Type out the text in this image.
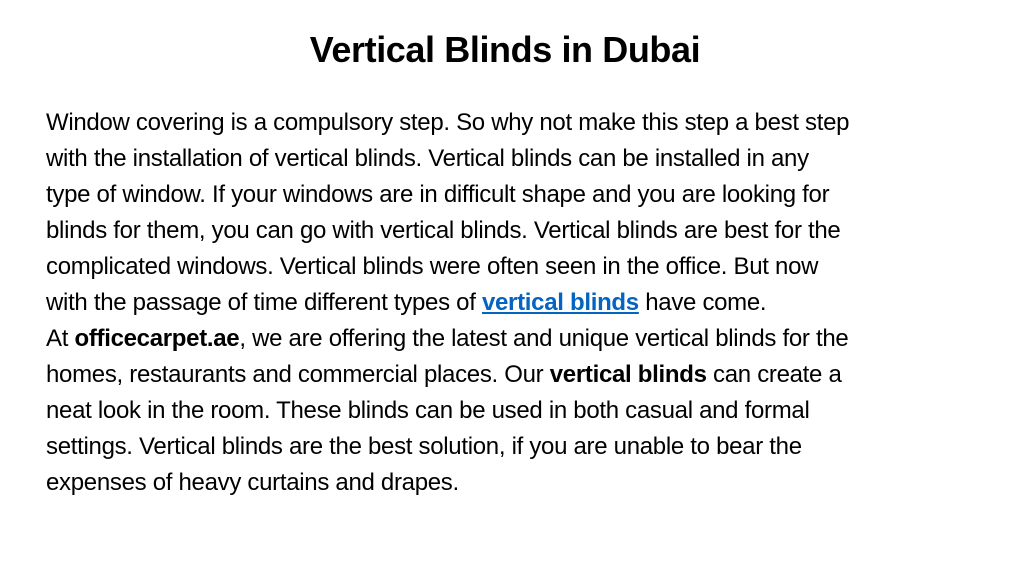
Vertical Blinds in Dubai
Window covering is a compulsory step. So why not make this step a best step
with the installation of vertical blinds. Vertical blinds can be installed in any
type of window. If your windows are in difficult shape and you are looking for
blinds for them, you can go with vertical blinds. Vertical blinds are best for the
complicated windows. Vertical blinds were often seen in the office. But now
with the passage of time different types of vertical blinds have come.
At officecarpet.ae, we are offering the latest and unique vertical blinds for the
homes, restaurants and commercial places. Our vertical blinds can create a
neat look in the room. These blinds can be used in both casual and formal
settings. Vertical blinds are the best solution, if you are unable to bear the
expenses of heavy curtains and drapes.
